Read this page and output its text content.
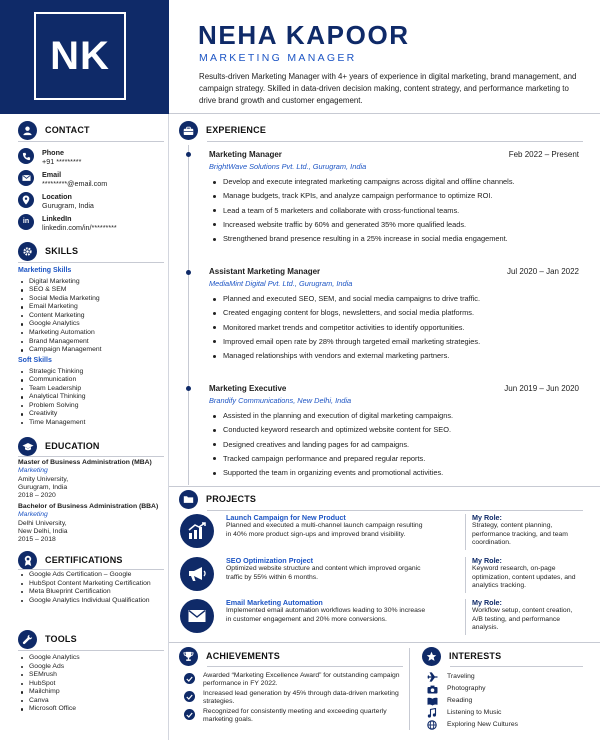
NK
CONTACT
Phone
+91 *********
Email
*********@email.com
Location
Gurugram, India
in LinkedIn
linkedin.com/in/*********
SKILLS
Marketing Skills
Digital Marketing
SEO & SEM
Social Media Marketing
Email Marketing
Content Marketing
Google Analytics
Marketing Automation
Brand Management
Campaign Management
Soft Skills
Strategic Thinking
Communication
Team Leadership
Analytical Thinking
Problem Solving
Creativity
Time Management
EDUCATION
Master of Business Administration (MBA)
Marketing
Amity University,
Gurugram, India
2018 – 2020
Bachelor of Business Administration (BBA)
Marketing
Delhi University,
New Delhi, India
2015 – 2018
CERTIFICATIONS
Google Ads Certification – Google
HubSpot Content Marketing Certification
Meta Blueprint Certification
Google Analytics Individual Qualification
TOOLS
Google Analytics
Google Ads
SEMrush
HubSpot
Mailchimp
Canva
Microsoft Office
NEHA KAPOOR
MARKETING MANAGER
Results-driven Marketing Manager with 4+ years of experience in digital marketing, brand management, and campaign strategy. Skilled in data-driven decision making, content strategy, and performance marketing to drive brand growth and customer engagement.
EXPERIENCE
Marketing Manager	Feb 2022 – Present
BrightWave Solutions Pvt. Ltd., Gurugram, India
Develop and execute integrated marketing campaigns across digital and offline channels.
Manage budgets, track KPIs, and analyze campaign performance to optimize ROI.
Lead a team of 5 marketers and collaborate with cross-functional teams.
Increased website traffic by 60% and generated 35% more qualified leads.
Strengthened brand presence resulting in a 25% increase in social media engagement.
Assistant Marketing Manager	Jul 2020 – Jan 2022
MediaMint Digital Pvt. Ltd., Gurugram, India
Planned and executed SEO, SEM, and social media campaigns to drive traffic.
Created engaging content for blogs, newsletters, and social media platforms.
Monitored market trends and competitor activities to identify opportunities.
Improved email open rate by 28% through targeted email marketing strategies.
Managed relationships with vendors and external marketing partners.
Marketing Executive	Jun 2019 – Jun 2020
Brandify Communications, New Delhi, India
Assisted in the planning and execution of digital marketing campaigns.
Conducted keyword research and optimized website content for SEO.
Designed creatives and landing pages for ad campaigns.
Tracked campaign performance and prepared regular reports.
Supported the team in organizing events and promotional activities.
PROJECTS
Launch Campaign for New Product
Planned and executed a multi-channel launch campaign resulting in 40% more product sign-ups and improved brand visibility.
My Role:
Strategy, content planning, performance tracking, and team coordination.
SEO Optimization Project
Optimized website structure and content which improved organic traffic by 55% within 6 months.
My Role:
Keyword research, on-page optimization, content updates, and analytics tracking.
Email Marketing Automation
Implemented email automation workflows leading to 30% increase in customer engagement and 20% more conversions.
My Role:
Workflow setup, content creation, A/B testing, and performance analysis.
ACHIEVEMENTS
Awarded “Marketing Excellence Award” for outstanding campaign performance in FY 2022.
Increased lead generation by 45% through data-driven marketing strategies.
Recognized for consistently meeting and exceeding quarterly marketing goals.
INTERESTS
Traveling
Photography
Reading
Listening to Music
Exploring New Cultures
